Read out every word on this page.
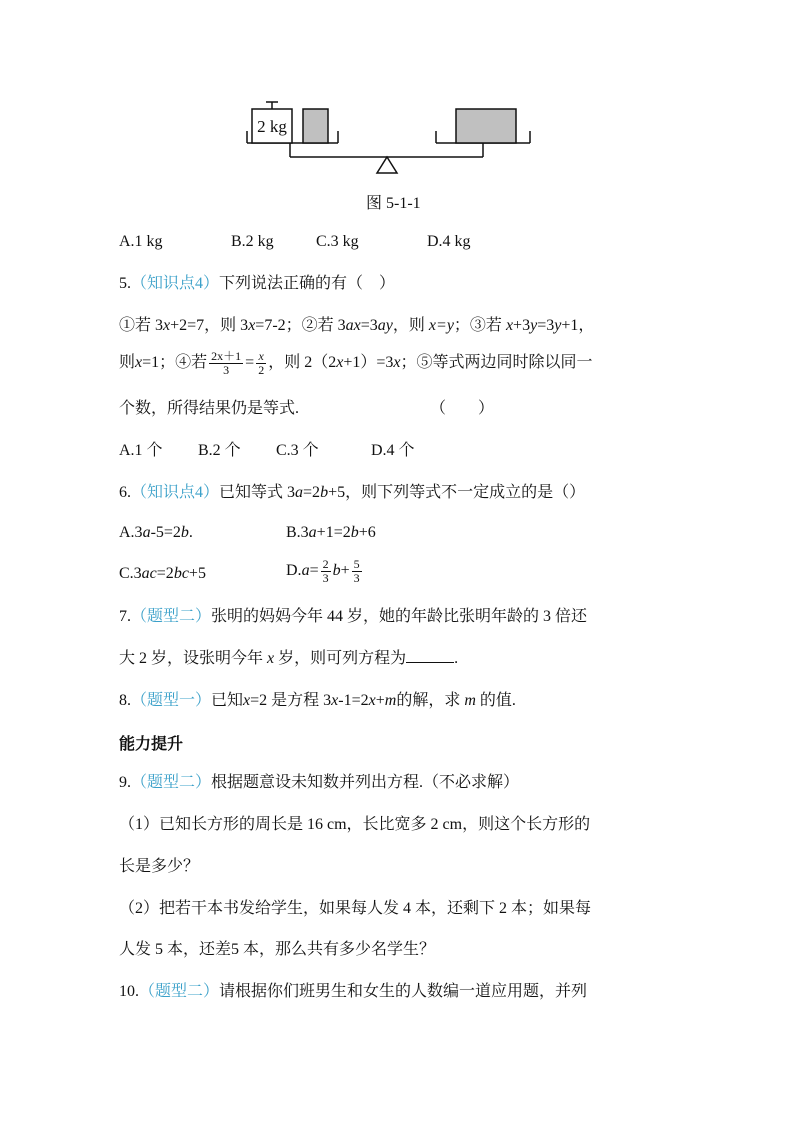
2 kg
图 5-1-1
A.1 kg	B.2 kg	C.3 kg	D.4 kg
5.（知识点4）下列说法正确的有（　）
①若 3x+2=7，则 3x=7-2；②若 3ax=3ay，则 x=y；③若 x+3y=3y+1，
则x=1；④若 $\frac{2x+1}{3} = \frac{x}{2}$ ，则 2（2x+1）=3x；⑤等式两边同时除以同一
个数，所得结果仍是等式.	（　　）
A.1 个 B.2 个 C.3 个	D.4 个
6.（知识点4）已知等式 3a=2b+5，则下列等式不一定成立的是（）
A.3a-5=2b.	B.3a+1=2b+6
C.3ac=2bc+5	$D.a= \frac{2}{3} b+ \frac{5}{3}$
7.（题型二）张明的妈妈今年 44 岁，她的年龄比张明年龄的 3 倍还
大 2 岁，设张明今年 x 岁，则可列方程为	.
8.（题型一）已知x=2 是方程 3x-1=2x+m的解，求 m 的值.
能力提升
9.（题型二）根据题意设未知数并列出方程.（不必求解）
（1）已知长方形的周长是 16 cm，长比宽多 2 cm，则这个长方形的
长是多少？
（2）把若干本书发给学生，如果每人发 4 本，还剩下 2 本；如果每
人发 5 本，还差5 本，那么共有多少名学生？
10.（题型二）请根据你们班男生和女生的人数编一道应用题，并列
